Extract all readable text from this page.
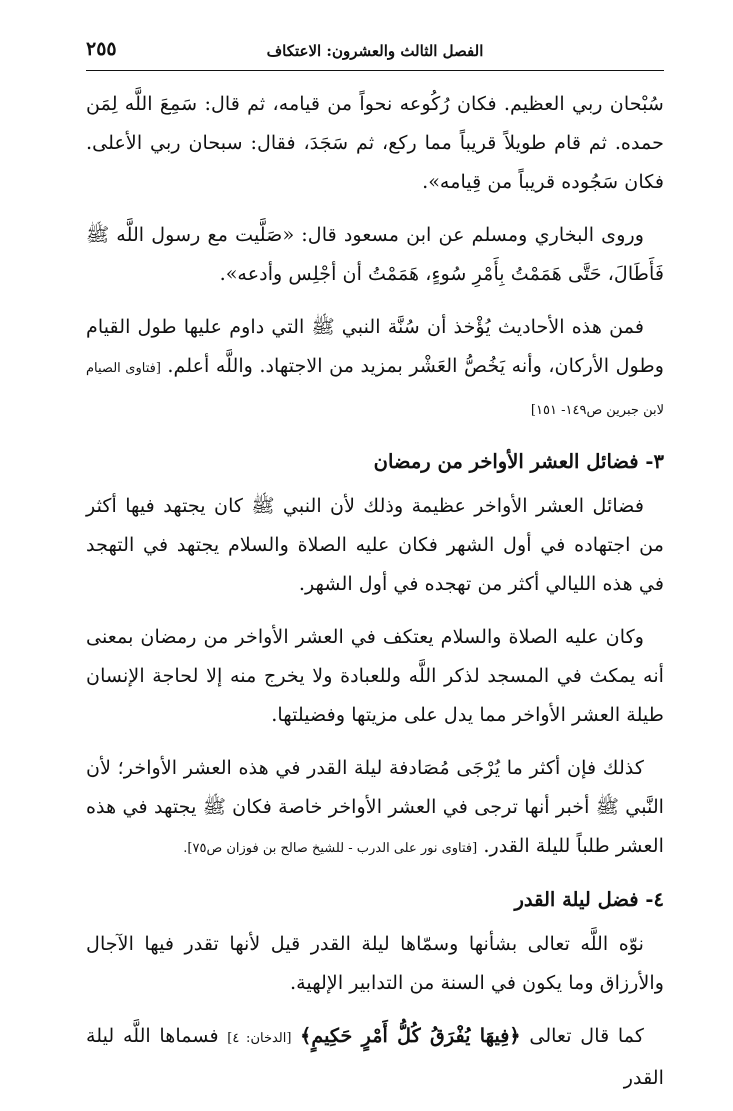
الفصل الثالث والعشرون: الاعتكاف
٢٥٥

سُبْحان ربي العظيم. فكان رُكُوعه نحواً من قيامه، ثم قال: سَمِعَ اللَّه لِمَن حمده. ثم قام طويلاً قريباً مما ركع، ثم سَجَدَ، فقال: سبحان ربي الأعلى. فكان سَجُوده قريباً من قِيامه».

وروى البخاري ومسلم عن ابن مسعود قال: «صَلَّيت مع رسول اللَّه ﷺ فَأَطَالَ، حَتَّى هَمَمْتُ بِأَمْرِ سُوءٍ، هَمَمْتُ أن أجْلِس وأدعه».

فمن هذه الأحاديث يُؤْخذ أن سُنَّة النبي ﷺ التي داوم عليها طول القيام وطول الأركان، وأنه يَخُصُّ العَشْر بمزيد من الاجتهاد. واللَّه أعلم. [فتاوى الصيام لابن جبرين ص١٤٩- ١٥١]

٣- فضائل العشر الأواخر من رمضان

فضائل العشر الأواخر عظيمة وذلك لأن النبي ﷺ كان يجتهد فيها أكثر من اجتهاده في أول الشهر فكان عليه الصلاة والسلام يجتهد في التهجد في هذه الليالي أكثر من تهجده في أول الشهر.

وكان عليه الصلاة والسلام يعتكف في العشر الأواخر من رمضان بمعنى أنه يمكث في المسجد لذكر اللَّه وللعبادة ولا يخرج منه إلا لحاجة الإنسان طيلة العشر الأواخر مما يدل على مزيتها وفضيلتها.

كذلك فإن أكثر ما يُرْجَى مُصَادفة ليلة القدر في هذه العشر الأواخر؛ لأن النَّبي ﷺ أخبر أنها ترجى في العشر الأواخر خاصة فكان ﷺ يجتهد في هذه العشر طلباً لليلة القدر. [فتاوى نور على الدرب - للشيخ صالح بن فوزان ص٧٥].

٤- فضل ليلة القدر

نوّه اللَّه تعالى بشأنها وسمّاها ليلة القدر قيل لأنها تقدر فيها الآجال والأرزاق وما يكون في السنة من التدابير الإلهية.

كما قال تعالى ﴿فِيهَا يُفْرَقُ كُلُّ أَمْرٍ حَكِيمٍ﴾ [الدخان: ٤] فسماها اللَّه ليلة القدر
